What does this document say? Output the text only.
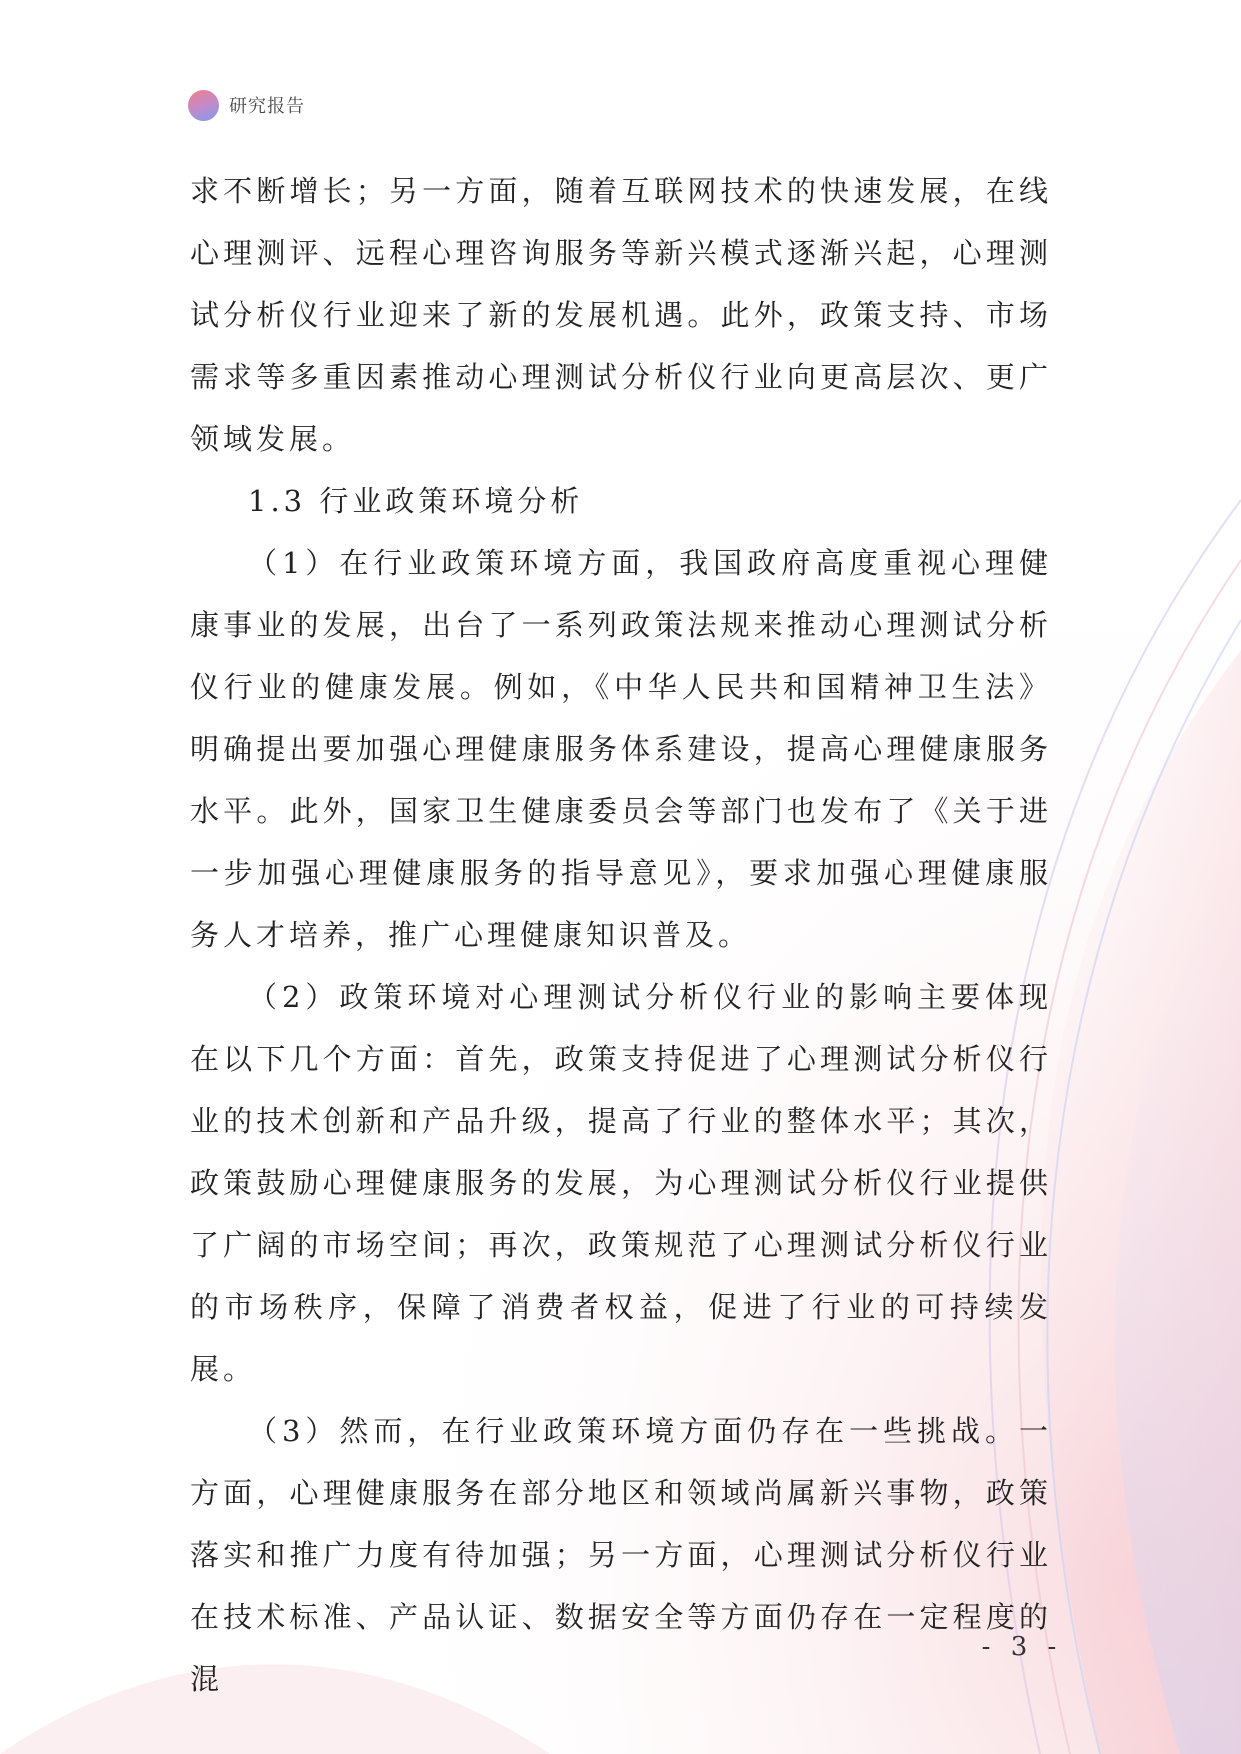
研究报告

求不断增长；另一方面，随着互联网技术的快速发展，在线心理测评、远程心理咨询服务等新兴模式逐渐兴起，心理测试分析仪行业迎来了新的发展机遇。此外，政策支持、市场需求等多重因素推动心理测试分析仪行业向更高层次、更广领域发展。

1.3 行业政策环境分析

（1）在行业政策环境方面，我国政府高度重视心理健康事业的发展，出台了一系列政策法规来推动心理测试分析仪行业的健康发展。例如，《中华人民共和国精神卫生法》明确提出要加强心理健康服务体系建设，提高心理健康服务水平。此外，国家卫生健康委员会等部门也发布了《关于进一步加强心理健康服务的指导意见》，要求加强心理健康服务人才培养，推广心理健康知识普及。

（2）政策环境对心理测试分析仪行业的影响主要体现在以下几个方面：首先，政策支持促进了心理测试分析仪行业的技术创新和产品升级，提高了行业的整体水平；其次，政策鼓励心理健康服务的发展，为心理测试分析仪行业提供了广阔的市场空间；再次，政策规范了心理测试分析仪行业的市场秩序，保障了消费者权益，促进了行业的可持续发展。

（3）然而，在行业政策环境方面仍存在一些挑战。一方面，心理健康服务在部分地区和领域尚属新兴事物，政策落实和推广力度有待加强；另一方面，心理测试分析仪行业在技术标准、产品认证、数据安全等方面仍存在一定程度的混

- 3 -
